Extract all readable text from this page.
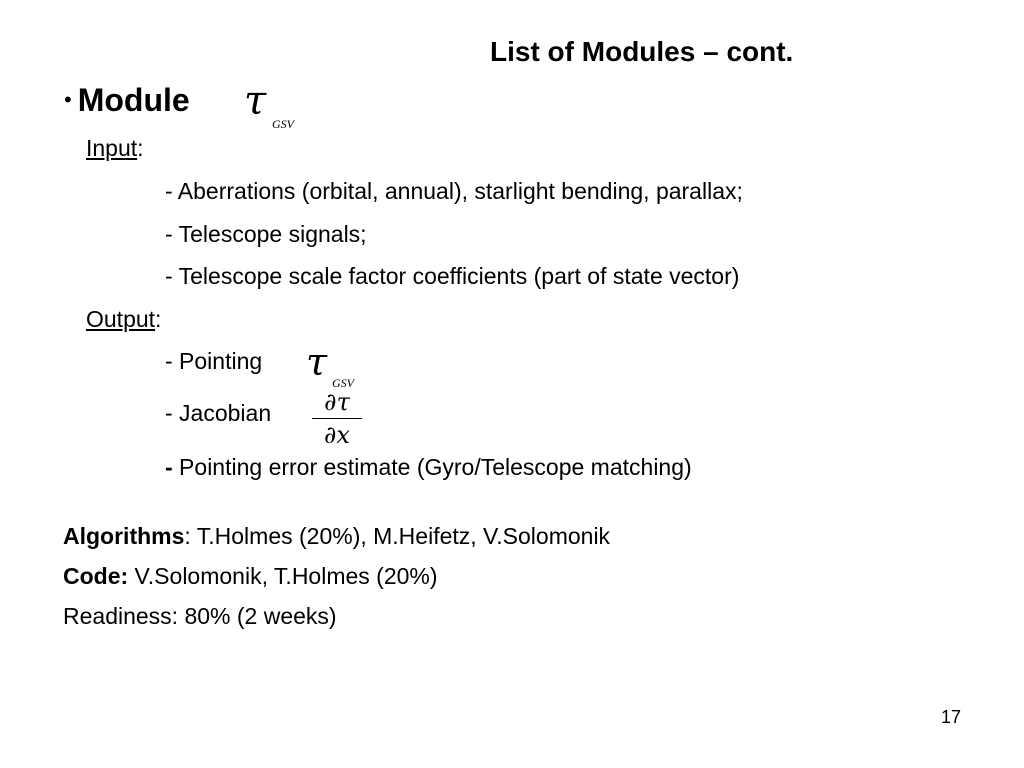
List of Modules – cont.
• Module τ GSV
Input:
- Aberrations (orbital, annual), starlight bending, parallax;
- Telescope signals;
- Telescope scale factor coefficients (part of state vector)
Output:
- Pointing τ GSV
- Jacobian	∂τ
∂x
- Pointing error estimate (Gyro/Telescope matching)
Algorithms: T.Holmes (20%), M.Heifetz, V.Solomonik
Code: V.Solomonik, T.Holmes (20%)
Readiness: 80% (2 weeks)
17
